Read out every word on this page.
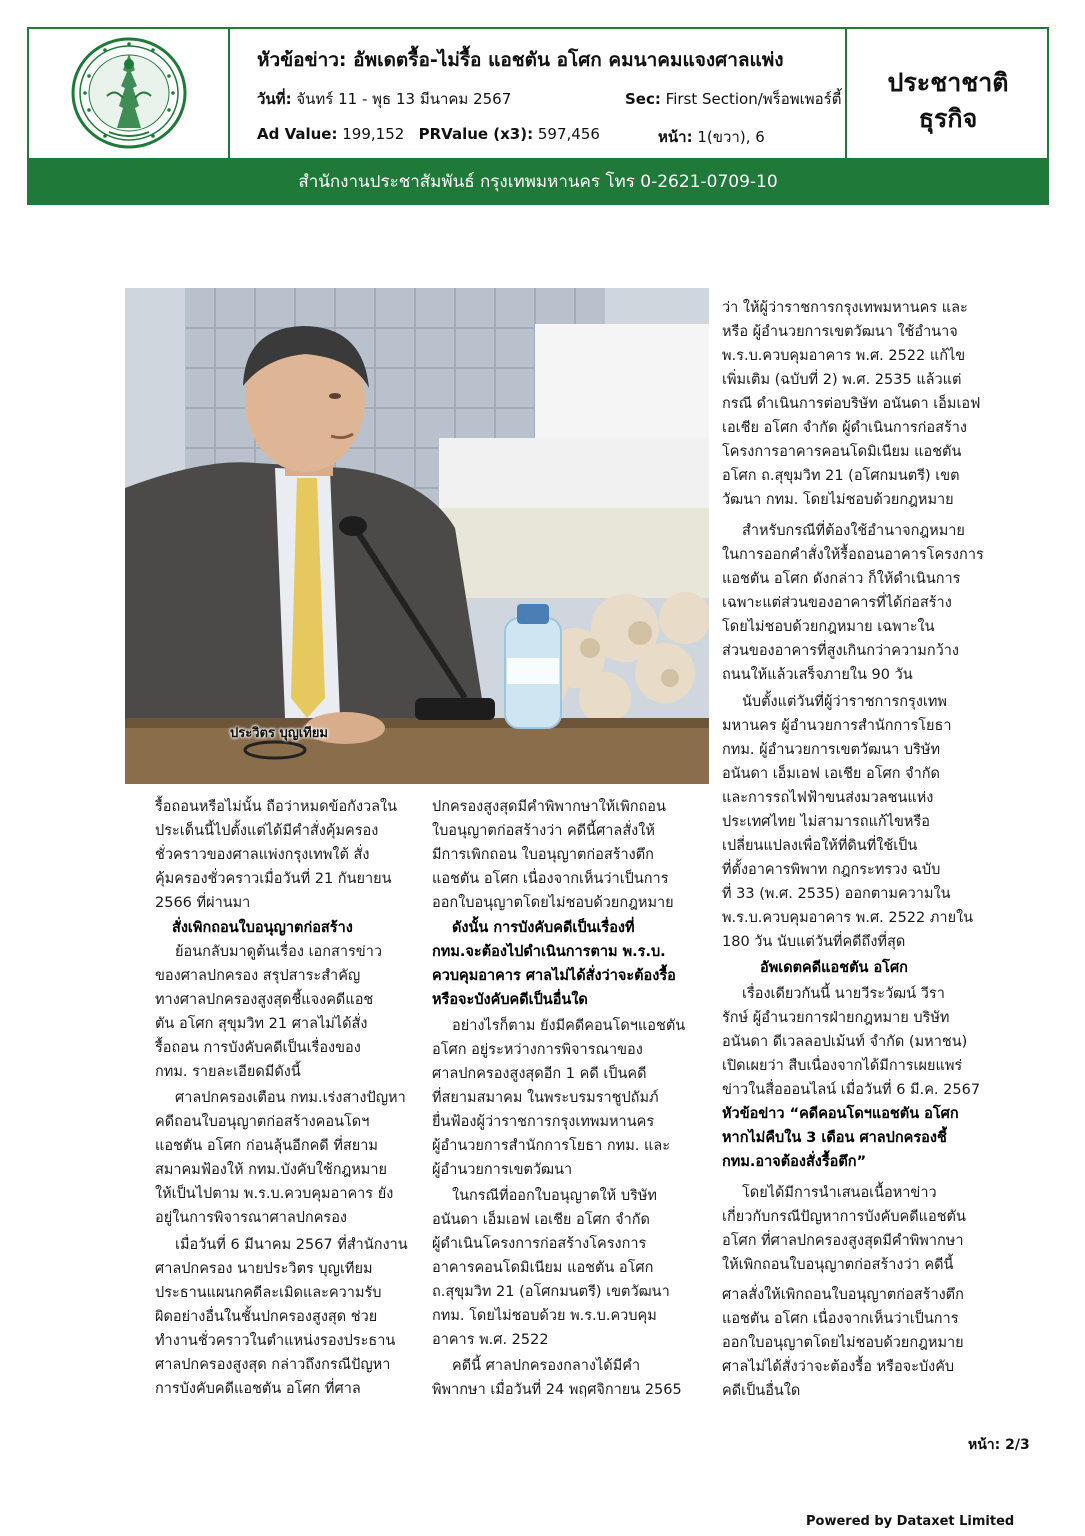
หัวข้อข่าว: อัพเดตรื้อ-ไม่รื้อ แอชตัน อโศก คมนาคมแจงศาลแพ่ง
วันที่: จันทร์ 11 - พุธ 13 มีนาคม 2567	Sec: First Section/พร็อพเพอร์ตี้
Ad Value: 199,152 PRValue (x3): 597,456	หน้า: 1(ขวา), 6
ประชาชาติ
ธุรกิจ
สำนักงานประชาสัมพันธ์ กรุงเทพมหานคร โทร 0-2621-0709-10
ประวิตร บุญเทียม
รื้อถอนหรือไม่นั้น ถือว่าหมดข้อกังวลใน
ประเด็นนี้ไปตั้งแต่ได้มีคำสั่งคุ้มครอง
ชั่วคราวของศาลแพ่งกรุงเทพใต้ สั่ง
คุ้มครองชั่วคราวเมื่อวันที่ 21 กันยายน
2566 ที่ผ่านมา
สั่งเพิกถอนใบอนุญาตก่อสร้าง
ย้อนกลับมาดูต้นเรื่อง เอกสารข่าว
ของศาลปกครอง สรุปสาระสำคัญ
ทางศาลปกครองสูงสุดชี้แจงคดีแอช
ตัน อโศก สุขุมวิท 21 ศาลไม่ได้สั่ง
รื้อถอน การบังคับคดีเป็นเรื่องของ
กทม. รายละเอียดมีดังนี้
ศาลปกครองเตือน กทม.เร่งสางปัญหา
คดีถอนใบอนุญาตก่อสร้างคอนโดฯ
แอชตัน อโศก ก่อนลุ้นอีกคดี ที่สยาม
สมาคมฟ้องให้ กทม.บังคับใช้กฎหมาย
ให้เป็นไปตาม พ.ร.บ.ควบคุมอาคาร ยัง
อยู่ในการพิจารณาศาลปกครอง
เมื่อวันที่ 6 มีนาคม 2567 ที่สำนักงาน
ศาลปกครอง นายประวิตร บุญเทียม
ประธานแผนกคดีละเมิดและความรับ
ผิดอย่างอื่นในชั้นปกครองสูงสุด ช่วย
ทำงานชั่วคราวในตำแหน่งรองประธาน
ศาลปกครองสูงสุด กล่าวถึงกรณีปัญหา
การบังคับคดีแอชตัน อโศก ที่ศาล
ปกครองสูงสุดมีคำพิพากษาให้เพิกถอน
ใบอนุญาตก่อสร้างว่า คดีนี้ศาลสั่งให้
มีการเพิกถอน ใบอนุญาตก่อสร้างตึก
แอชตัน อโศก เนื่องจากเห็นว่าเป็นการ
ออกใบอนุญาตโดยไม่ชอบด้วยกฎหมาย
ดังนั้น การบังคับคดีเป็นเรื่องที่
กทม.จะต้องไปดำเนินการตาม พ.ร.บ.
ควบคุมอาคาร ศาลไม่ได้สั่งว่าจะต้องรื้อ
หรือจะบังคับคดีเป็นอื่นใด
อย่างไรก็ตาม ยังมีคดีคอนโดฯแอชตัน
อโศก อยู่ระหว่างการพิจารณาของ
ศาลปกครองสูงสุดอีก 1 คดี เป็นคดี
ที่สยามสมาคม ในพระบรมราชูปถัมภ์
ยื่นฟ้องผู้ว่าราชการกรุงเทพมหานคร
ผู้อำนวยการสำนักการโยธา กทม. และ
ผู้อำนวยการเขตวัฒนา
ในกรณีที่ออกใบอนุญาตให้ บริษัท
อนันดา เอ็มเอฟ เอเชีย อโศก จำกัด
ผู้ดำเนินโครงการก่อสร้างโครงการ
อาคารคอนโดมิเนียม แอชตัน อโศก
ถ.สุขุมวิท 21 (อโศกมนตรี) เขตวัฒนา
กทม. โดยไม่ชอบด้วย พ.ร.บ.ควบคุม
อาคาร พ.ศ. 2522
คดีนี้ ศาลปกครองกลางได้มีคำ
พิพากษา เมื่อวันที่ 24 พฤศจิกายน 2565
ว่า ให้ผู้ว่าราชการกรุงเทพมหานคร และ
หรือ ผู้อำนวยการเขตวัฒนา ใช้อำนาจ
พ.ร.บ.ควบคุมอาคาร พ.ศ. 2522 แก้ไข
เพิ่มเติม (ฉบับที่ 2) พ.ศ. 2535 แล้วแต่
กรณี ดำเนินการต่อบริษัท อนันดา เอ็มเอฟ
เอเชีย อโศก จำกัด ผู้ดำเนินการก่อสร้าง
โครงการอาคารคอนโดมิเนียม แอชตัน
อโศก ถ.สุขุมวิท 21 (อโศกมนตรี) เขต
วัฒนา กทม. โดยไม่ชอบด้วยกฎหมาย
สำหรับกรณีที่ต้องใช้อำนาจกฎหมาย
ในการออกคำสั่งให้รื้อถอนอาคารโครงการ
แอชตัน อโศก ดังกล่าว ก็ให้ดำเนินการ
เฉพาะแต่ส่วนของอาคารที่ได้ก่อสร้าง
โดยไม่ชอบด้วยกฎหมาย เฉพาะใน
ส่วนของอาคารที่สูงเกินกว่าความกว้าง
ถนนให้แล้วเสร็จภายใน 90 วัน
นับตั้งแต่วันที่ผู้ว่าราชการกรุงเทพ
มหานคร ผู้อำนวยการสำนักการโยธา
กทม. ผู้อำนวยการเขตวัฒนา บริษัท
อนันดา เอ็มเอฟ เอเชีย อโศก จำกัด
และการรถไฟฟ้าขนส่งมวลชนแห่ง
ประเทศไทย ไม่สามารถแก้ไขหรือ
เปลี่ยนแปลงเพื่อให้ที่ดินที่ใช้เป็น
ที่ตั้งอาคารพิพาท กฎกระทรวง ฉบับ
ที่ 33 (พ.ศ. 2535) ออกตามความใน
พ.ร.บ.ควบคุมอาคาร พ.ศ. 2522 ภายใน
180 วัน นับแต่วันที่คดีถึงที่สุด
อัพเดตคดีแอชตัน อโศก
เรื่องเดียวกันนี้ นายวีระวัฒน์ วีรา
รักษ์ ผู้อำนวยการฝ่ายกฎหมาย บริษัท
อนันดา ดีเวลลอปเม้นท์ จำกัด (มหาชน)
เปิดเผยว่า สืบเนื่องจากได้มีการเผยแพร่
ข่าวในสื่อออนไลน์ เมื่อวันที่ 6 มี.ค. 2567
หัวข้อข่าว “คดีคอนโดฯแอชตัน อโศก
หากไม่คืบใน 3 เดือน ศาลปกครองชี้
กทม.อาจต้องสั่งรื้อตึก”
โดยได้มีการนำเสนอเนื้อหาข่าว
เกี่ยวกับกรณีปัญหาการบังคับคดีแอชตัน
อโศก ที่ศาลปกครองสูงสุดมีคำพิพากษา
ให้เพิกถอนใบอนุญาตก่อสร้างว่า คดีนี้
ศาลสั่งให้เพิกถอนใบอนุญาตก่อสร้างตึก
แอชตัน อโศก เนื่องจากเห็นว่าเป็นการ
ออกใบอนุญาตโดยไม่ชอบด้วยกฎหมาย
ศาลไม่ได้สั่งว่าจะต้องรื้อ หรือจะบังคับ
คดีเป็นอื่นใด
หน้า: 2/3
Powered by Dataxet Limited
